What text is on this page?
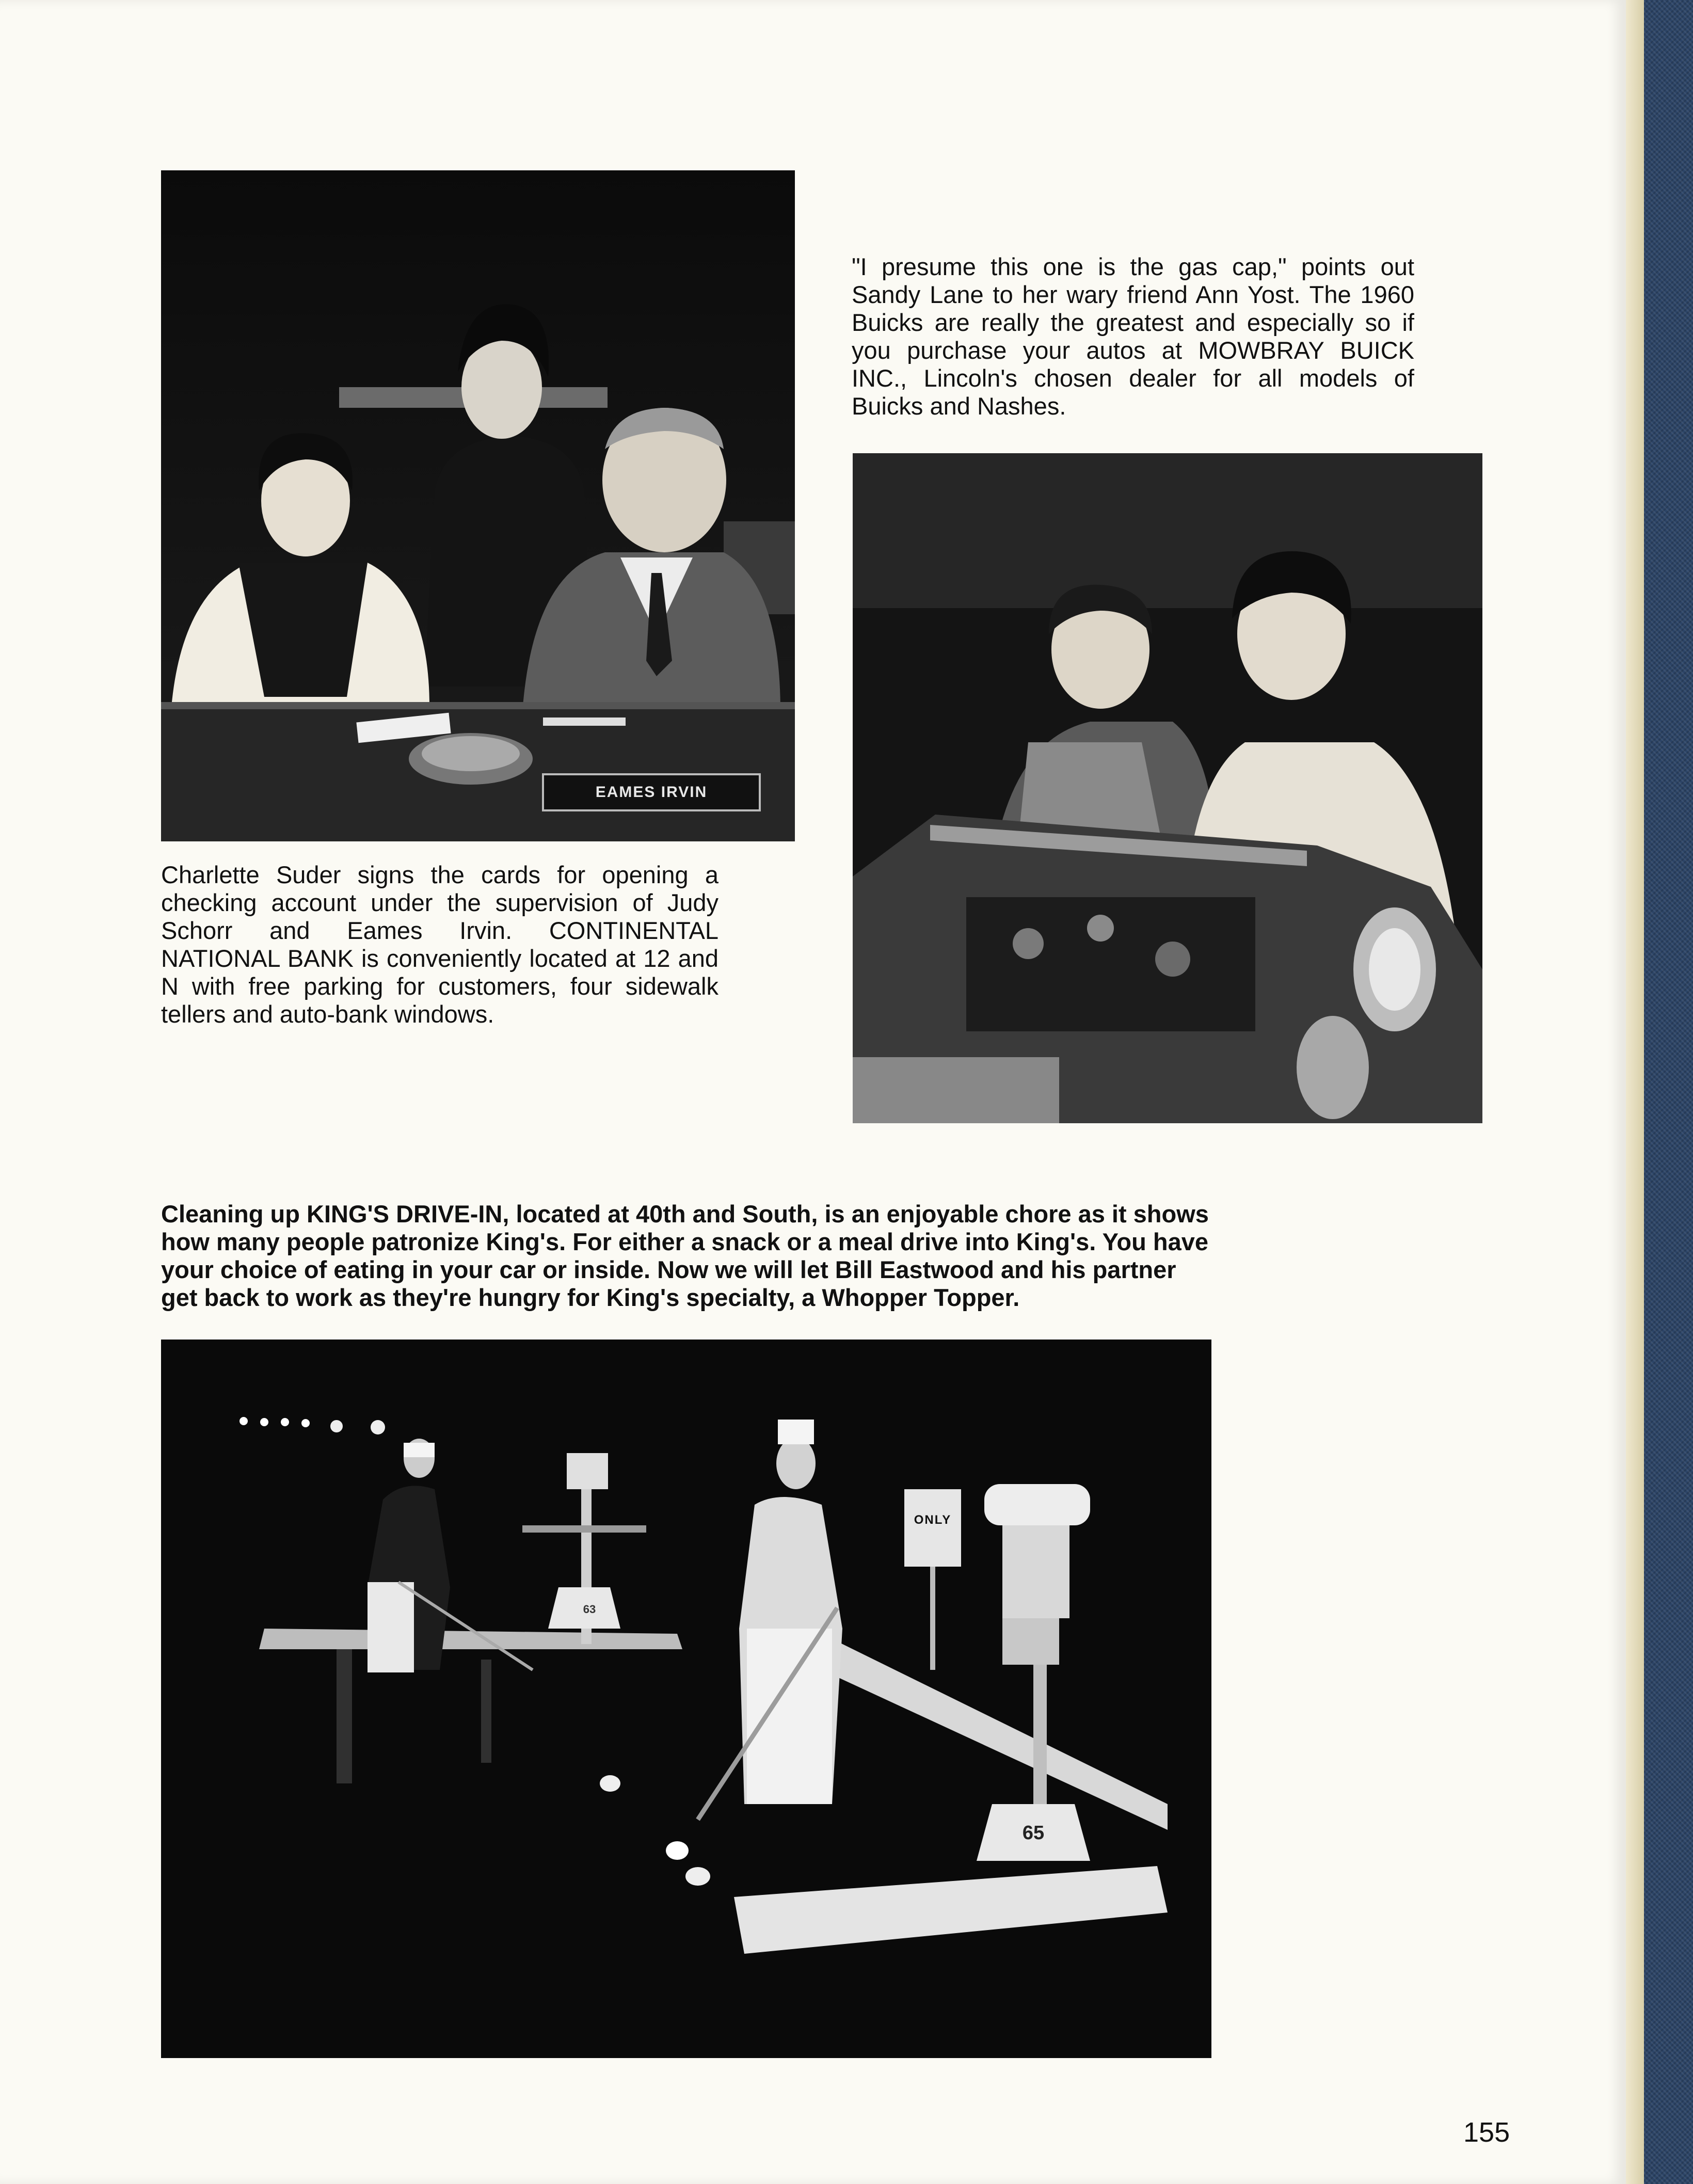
EAMES IRVIN

Charlette Suder signs the cards for opening a checking account under the supervision of Judy Schorr and Eames Irvin. CONTINENTAL NATIONAL BANK is conveniently located at 12 and N with free parking for customers, four sidewalk tellers and auto-bank windows.

"I presume this one is the gas cap," points out Sandy Lane to her wary friend Ann Yost. The 1960 Buicks are really the greatest and especially so if you purchase your autos at MOWBRAY BUICK INC., Lincoln's chosen dealer for all models of Buicks and Nashes.

Cleaning up KING'S DRIVE-IN, located at 40th and South, is an enjoyable chore as it shows how many people patronize King's. For either a snack or a meal drive into King's. You have your choice of eating in your car or inside. Now we will let Bill Eastwood and his partner get back to work as they're hungry for King's specialty, a Whopper Topper.

ONLY
63
65
155
